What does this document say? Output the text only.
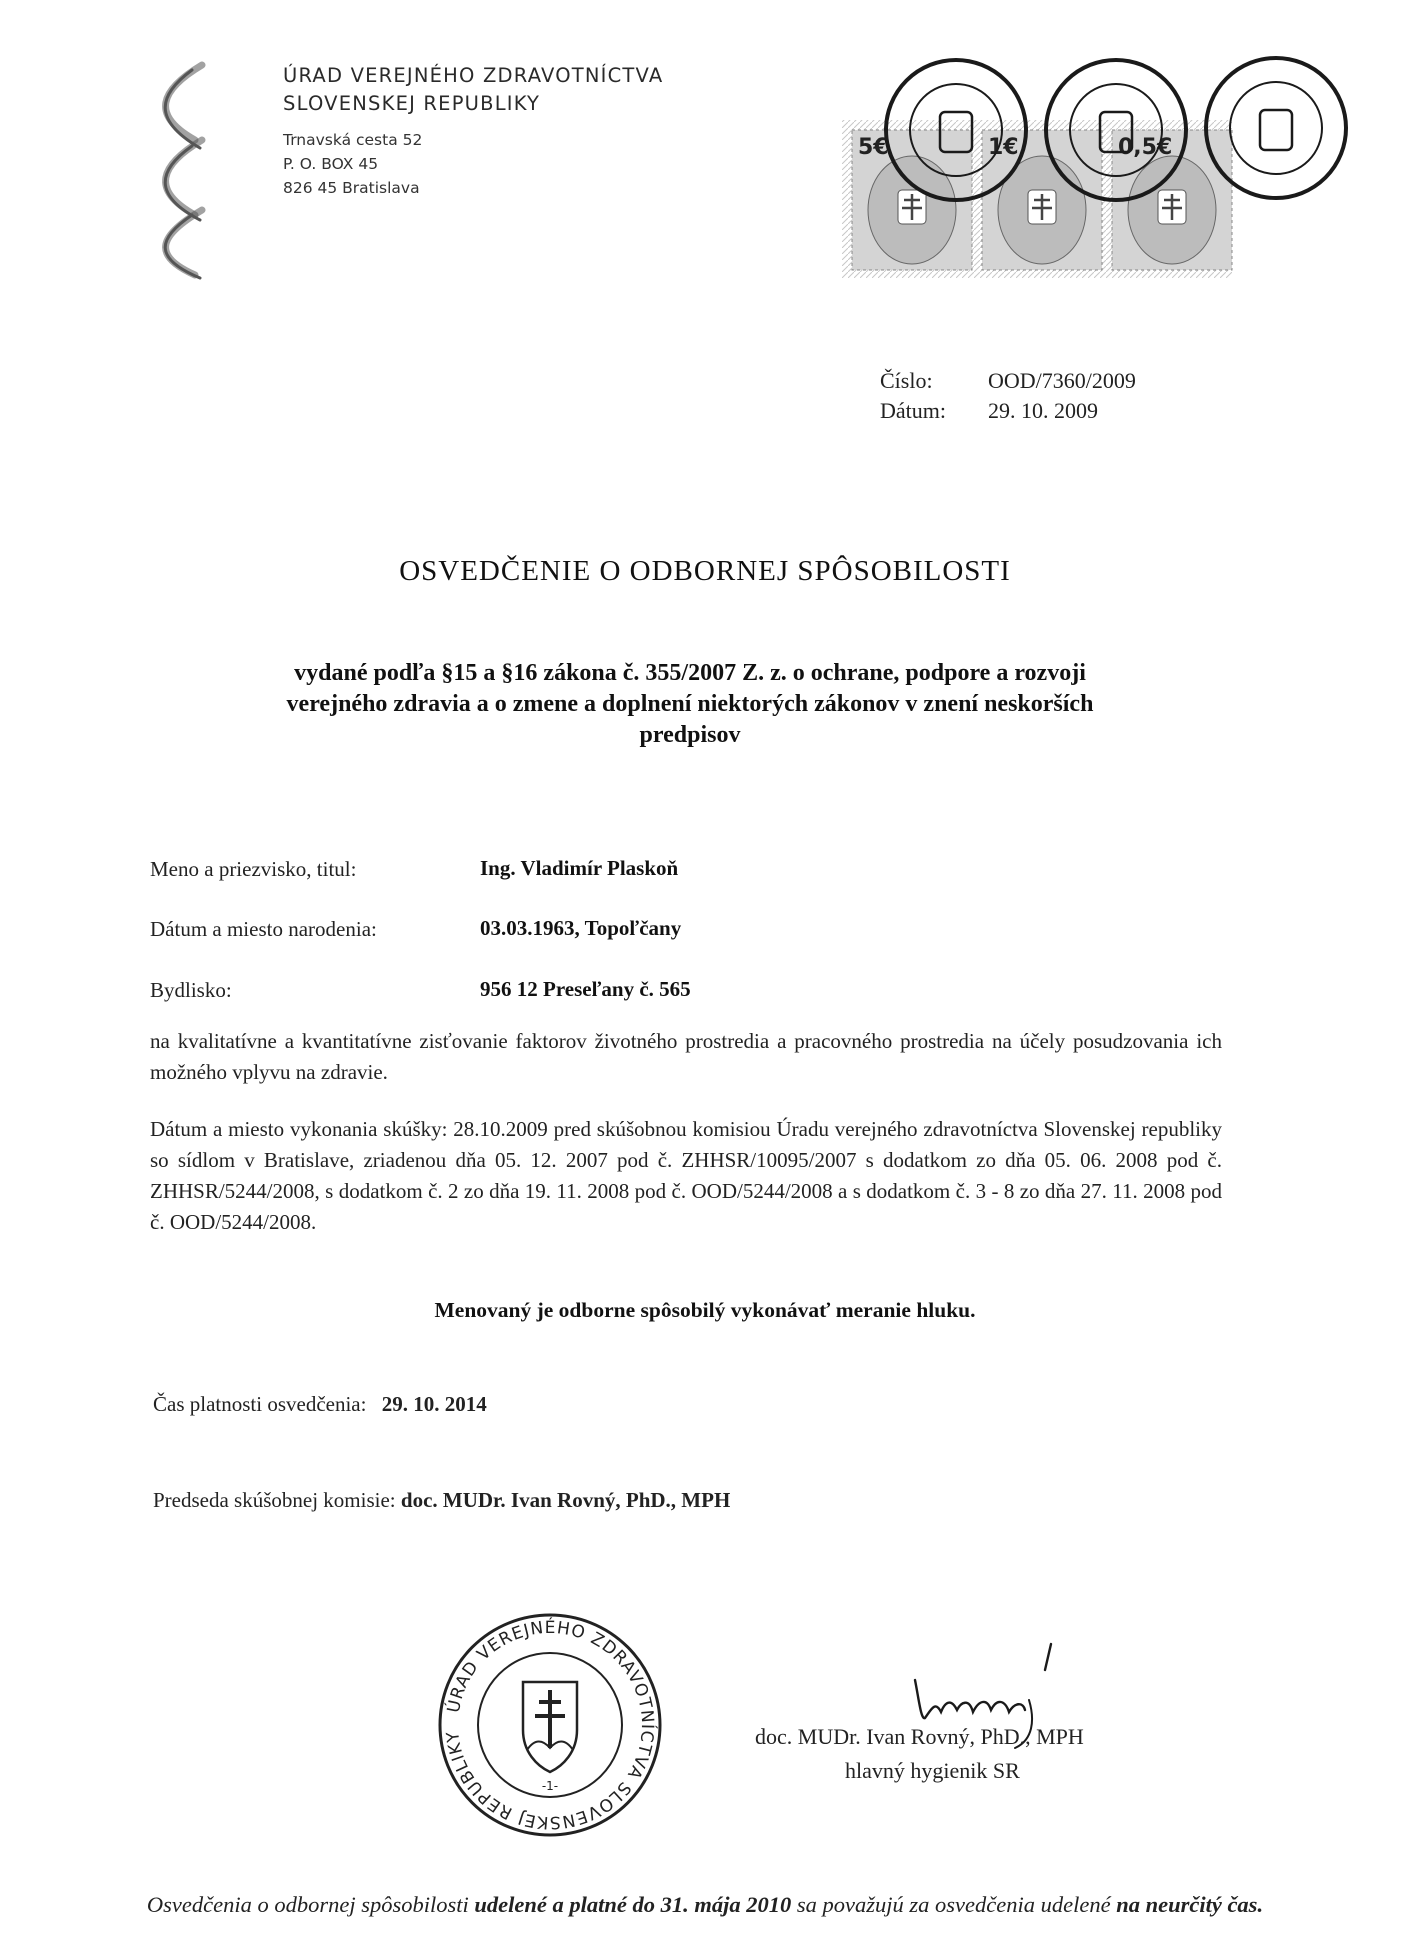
ÚRAD VEREJNÉHO ZDRAVOTNÍCTVA
SLOVENSKEJ REPUBLIKY
Trnavská cesta 52
P. O. BOX 45
826 45 Bratislava
5€	1€	0,5€
Číslo:	OOD/7360/2009
Dátum: 29. 10. 2009
OSVEDČENIE O ODBORNEJ SPÔSOBILOSTI
vydané podľa §15 a §16 zákona č. 355/2007 Z. z. o ochrane, podpore a rozvoji
verejného zdravia a o zmene a doplnení niektorých zákonov v znení neskorších
predpisov
Meno a priezvisko, titul:	Ing. Vladimír Plaskoň
Dátum a miesto narodenia:	03.03.1963, Topoľčany
Bydlisko:	956 12 Preseľany č. 565
na kvalitatívne a kvantitatívne zisťovanie faktorov životného prostredia a pracovného prostredia na účely posudzovania ich možného vplyvu na zdravie.
Dátum a miesto vykonania skúšky: 28.10.2009 pred skúšobnou komisiou Úradu verejného zdravotníctva Slovenskej republiky so sídlom v Bratislave, zriadenou dňa 05. 12. 2007 pod č. ZHHSR/10095/2007 s dodatkom zo dňa 05. 06. 2008 pod č. ZHHSR/5244/2008, s dodatkom č. 2 zo dňa 19. 11. 2008 pod č. OOD/5244/2008 a s dodatkom č. 3 - 8 zo dňa 27. 11. 2008 pod č. OOD/5244/2008.
Menovaný je odborne spôsobilý vykonávať meranie hluku.
Čas platnosti osvedčenia: 29. 10. 2014
Predseda skúšobnej komisie: doc. MUDr. Ivan Rovný, PhD., MPH
ÚRAD VEREJNÉHO ZDRAVOTNÍCTVA SLOVENSKEJ REPUBLIKY
-1-
doc. MUDr. Ivan Rovný, PhD., MPH
hlavný hygienik SR
Osvedčenia o odbornej spôsobilosti udelené a platné do 31. mája 2010 sa považujú za osvedčenia udelené na neurčitý čas.
